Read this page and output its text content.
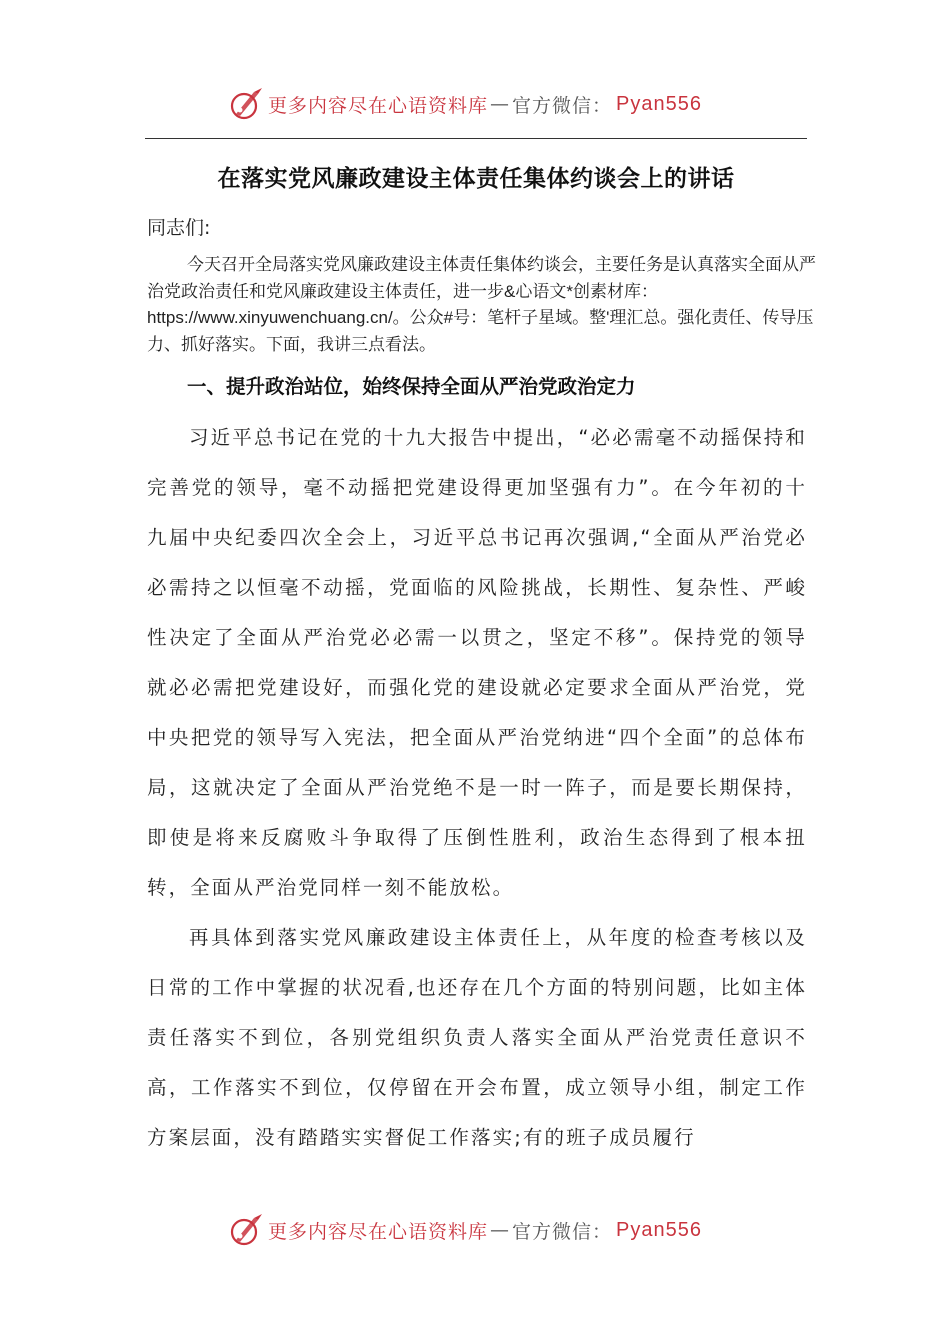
更多内容尽在心语资料库 — 官方微信： Pyan556
在落实党风廉政建设主体责任集体约谈会上的讲话
同志们:

今天召开全局落实党风廉政建设主体责任集体约谈会，主要任务是认真落实全面从严治党政治责任和党风廉政建设主体责任，进一步&心语文*创素材库：https://www.xinyuwenchuang.cn/。公众#号：笔杆子星域。整'理汇总。强化责任、传导压力、抓好落实。下面，我讲三点看法。

一、提升政治站位，始终保持全面从严治党政治定力

习近平总书记在党的十九大报告中提出，“必必需毫不动摇保持和完善党的领导，毫不动摇把党建设得更加坚强有力”。在今年初的十九届中央纪委四次全会上，习近平总书记再次强调,“全面从严治党必必需持之以恒毫不动摇，党面临的风险挑战，长期性、复杂性、严峻性决定了全面从严治党必必需一以贯之，坚定不移”。保持党的领导就必必需把党建设好，而强化党的建设就必定要求全面从严治党，党中央把党的领导写入宪法，把全面从严治党纳进“四个全面”的总体布局，这就决定了全面从严治党绝不是一时一阵子，而是要长期保持，即使是将来反腐败斗争取得了压倒性胜利，政治生态得到了根本扭转，全面从严治党同样一刻不能放松。

再具体到落实党风廉政建设主体责任上，从年度的检查考核以及日常的工作中掌握的状况看,也还存在几个方面的特别问题，比如主体责任落实不到位，各别党组织负责人落实全面从严治党责任意识不高，工作落实不到位，仅停留在开会布置，成立领导小组，制定工作方案层面，没有踏踏实实督促工作落实;有的班子成员履行

更多内容尽在心语资料库 — 官方微信： Pyan556
